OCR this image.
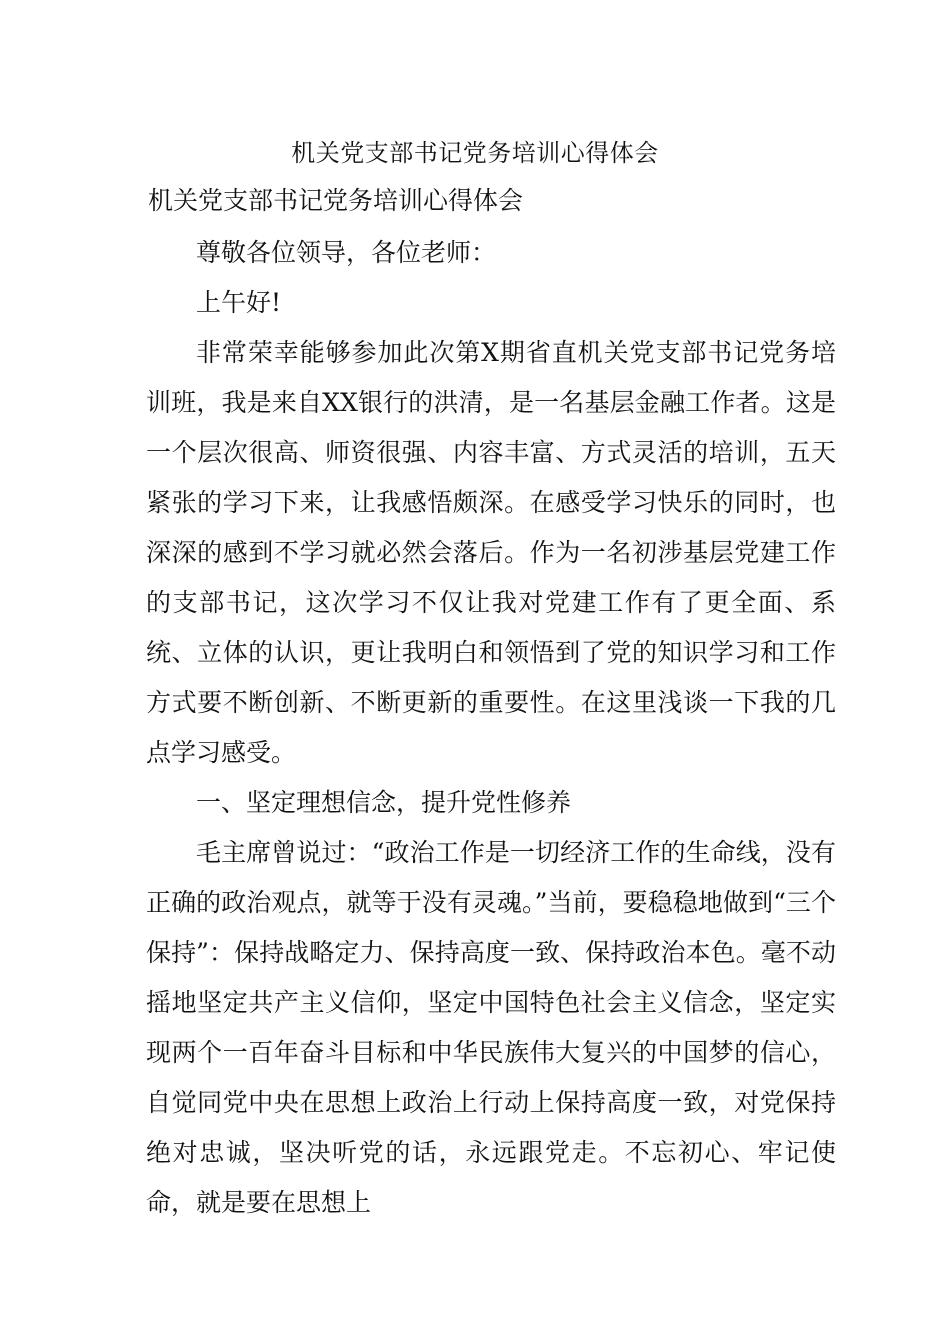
机关党支部书记党务培训心得体会
机关党支部书记党务培训心得体会

尊敬各位领导，各位老师：

上午好!

非常荣幸能够参加此次第X期省直机关党支部书记党务培训班，我是来自XX银行的洪清，是一名基层金融工作者。这是一个层次很高、师资很强、内容丰富、方式灵活的培训，五天紧张的学习下来，让我感悟颇深。在感受学习快乐的同时，也深深的感到不学习就必然会落后。作为一名初涉基层党建工作的支部书记，这次学习不仅让我对党建工作有了更全面、系统、立体的认识，更让我明白和领悟到了党的知识学习和工作方式要不断创新、不断更新的重要性。在这里浅谈一下我的几点学习感受。

一、坚定理想信念，提升党性修养

毛主席曾说过：“政治工作是一切经济工作的生命线，没有正确的政治观点，就等于没有灵魂。”当前，要稳稳地做到“三个保持”：保持战略定力、保持高度一致、保持政治本色。毫不动摇地坚定共产主义信仰，坚定中国特色社会主义信念，坚定实现两个一百年奋斗目标和中华民族伟大复兴的中国梦的信心，自觉同党中央在思想上政治上行动上保持高度一致，对党保持绝对忠诚，坚决听党的话，永远跟党走。不忘初心、牢记使命，就是要在思想上
